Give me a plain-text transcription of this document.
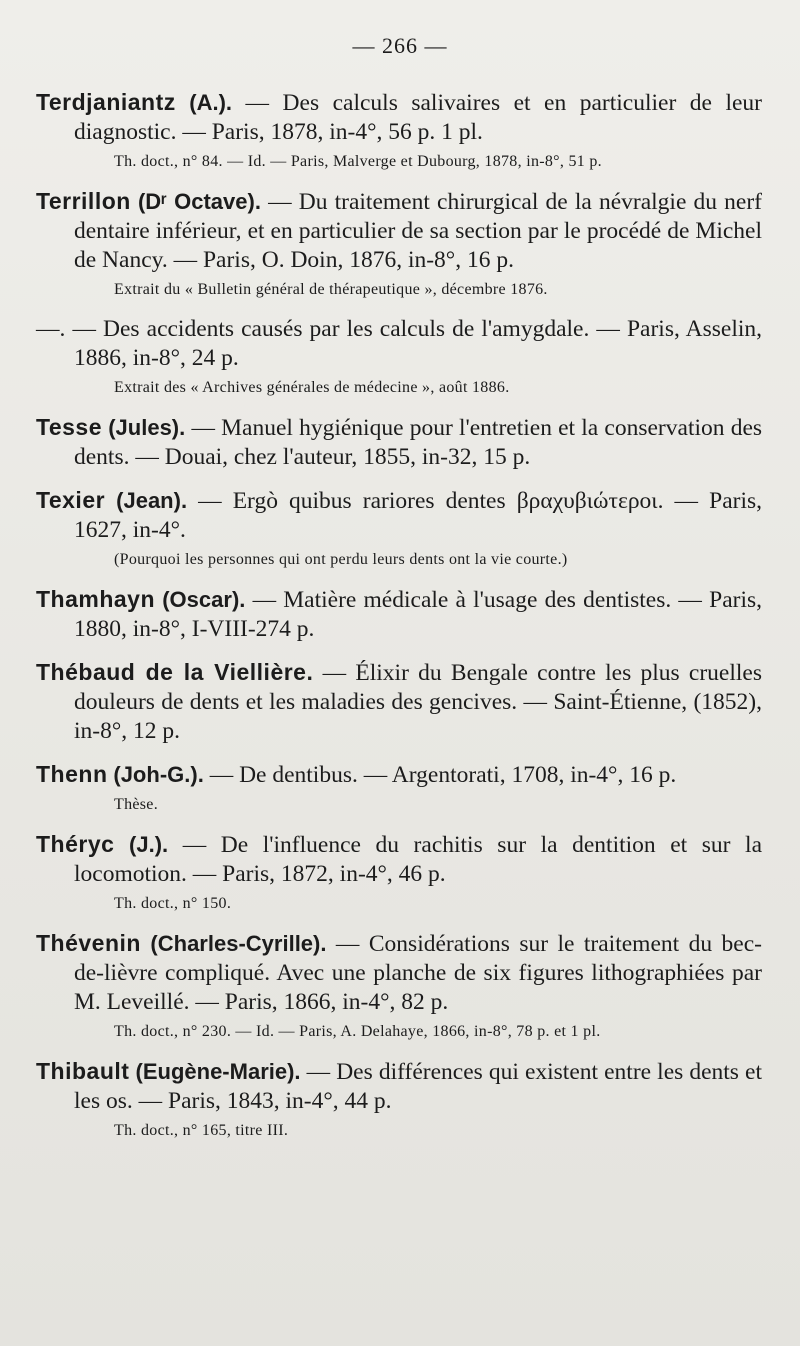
— 266 —

Terdjaniantz (A.). — Des calculs salivaires et en particulier de leur diagnostic. — Paris, 1878, in-4°, 56 p. 1 pl.

Th. doct., n° 84. — Id. — Paris, Malverge et Dubourg, 1878, in-8°, 51 p.

Terrillon (Dʳ Octave). — Du traitement chirurgical de la névralgie du nerf dentaire inférieur, et en particulier de sa section par le procédé de Michel de Nancy. — Paris, O. Doin, 1876, in-8°, 16 p.

Extrait du « Bulletin général de thérapeutique », décembre 1876.

—. — Des accidents causés par les calculs de l'amygdale. — Paris, Asselin, 1886, in-8°, 24 p.

Extrait des « Archives générales de médecine », août 1886.

Tesse (Jules). — Manuel hygiénique pour l'entretien et la conservation des dents. — Douai, chez l'auteur, 1855, in-32, 15 p.

Texier (Jean). — Ergò quibus rariores dentes βραχυβιώτεροι. — Paris, 1627, in-4°.

(Pourquoi les personnes qui ont perdu leurs dents ont la vie courte.)

Thamhayn (Oscar). — Matière médicale à l'usage des dentistes. — Paris, 1880, in-8°, I-VIII-274 p.

Thébaud de la Viellière. — Élixir du Bengale contre les plus cruelles douleurs de dents et les maladies des gencives. — Saint-Étienne, (1852), in-8°, 12 p.

Thenn (Joh-G.). — De dentibus. — Argentorati, 1708, in-4°, 16 p.

Thèse.

Théryc (J.). — De l'influence du rachitis sur la dentition et sur la locomotion. — Paris, 1872, in-4°, 46 p.

Th. doct., n° 150.

Thévenin (Charles-Cyrille). — Considérations sur le traitement du bec-de-lièvre compliqué. Avec une planche de six figures lithographiées par M. Leveillé. — Paris, 1866, in-4°, 82 p.

Th. doct., n° 230. — Id. — Paris, A. Delahaye, 1866, in-8°, 78 p. et 1 pl.

Thibault (Eugène-Marie). — Des différences qui existent entre les dents et les os. — Paris, 1843, in-4°, 44 p.

Th. doct., n° 165, titre III.
